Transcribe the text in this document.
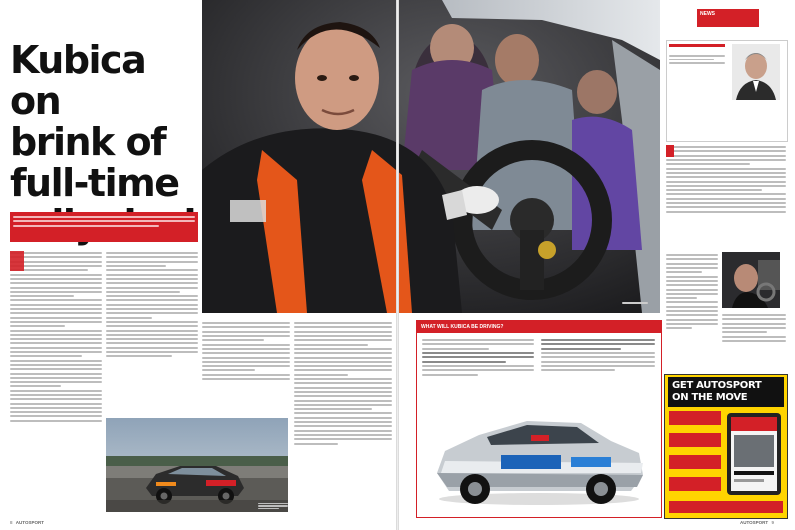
Kubica on
brink of
full-time
8 AUTOSPORT
NEWS
WHAT WILL KUBICA BE DRIVING?
GET AUTOSPORT
ON THE MOVE
AUTOSPORT 9
